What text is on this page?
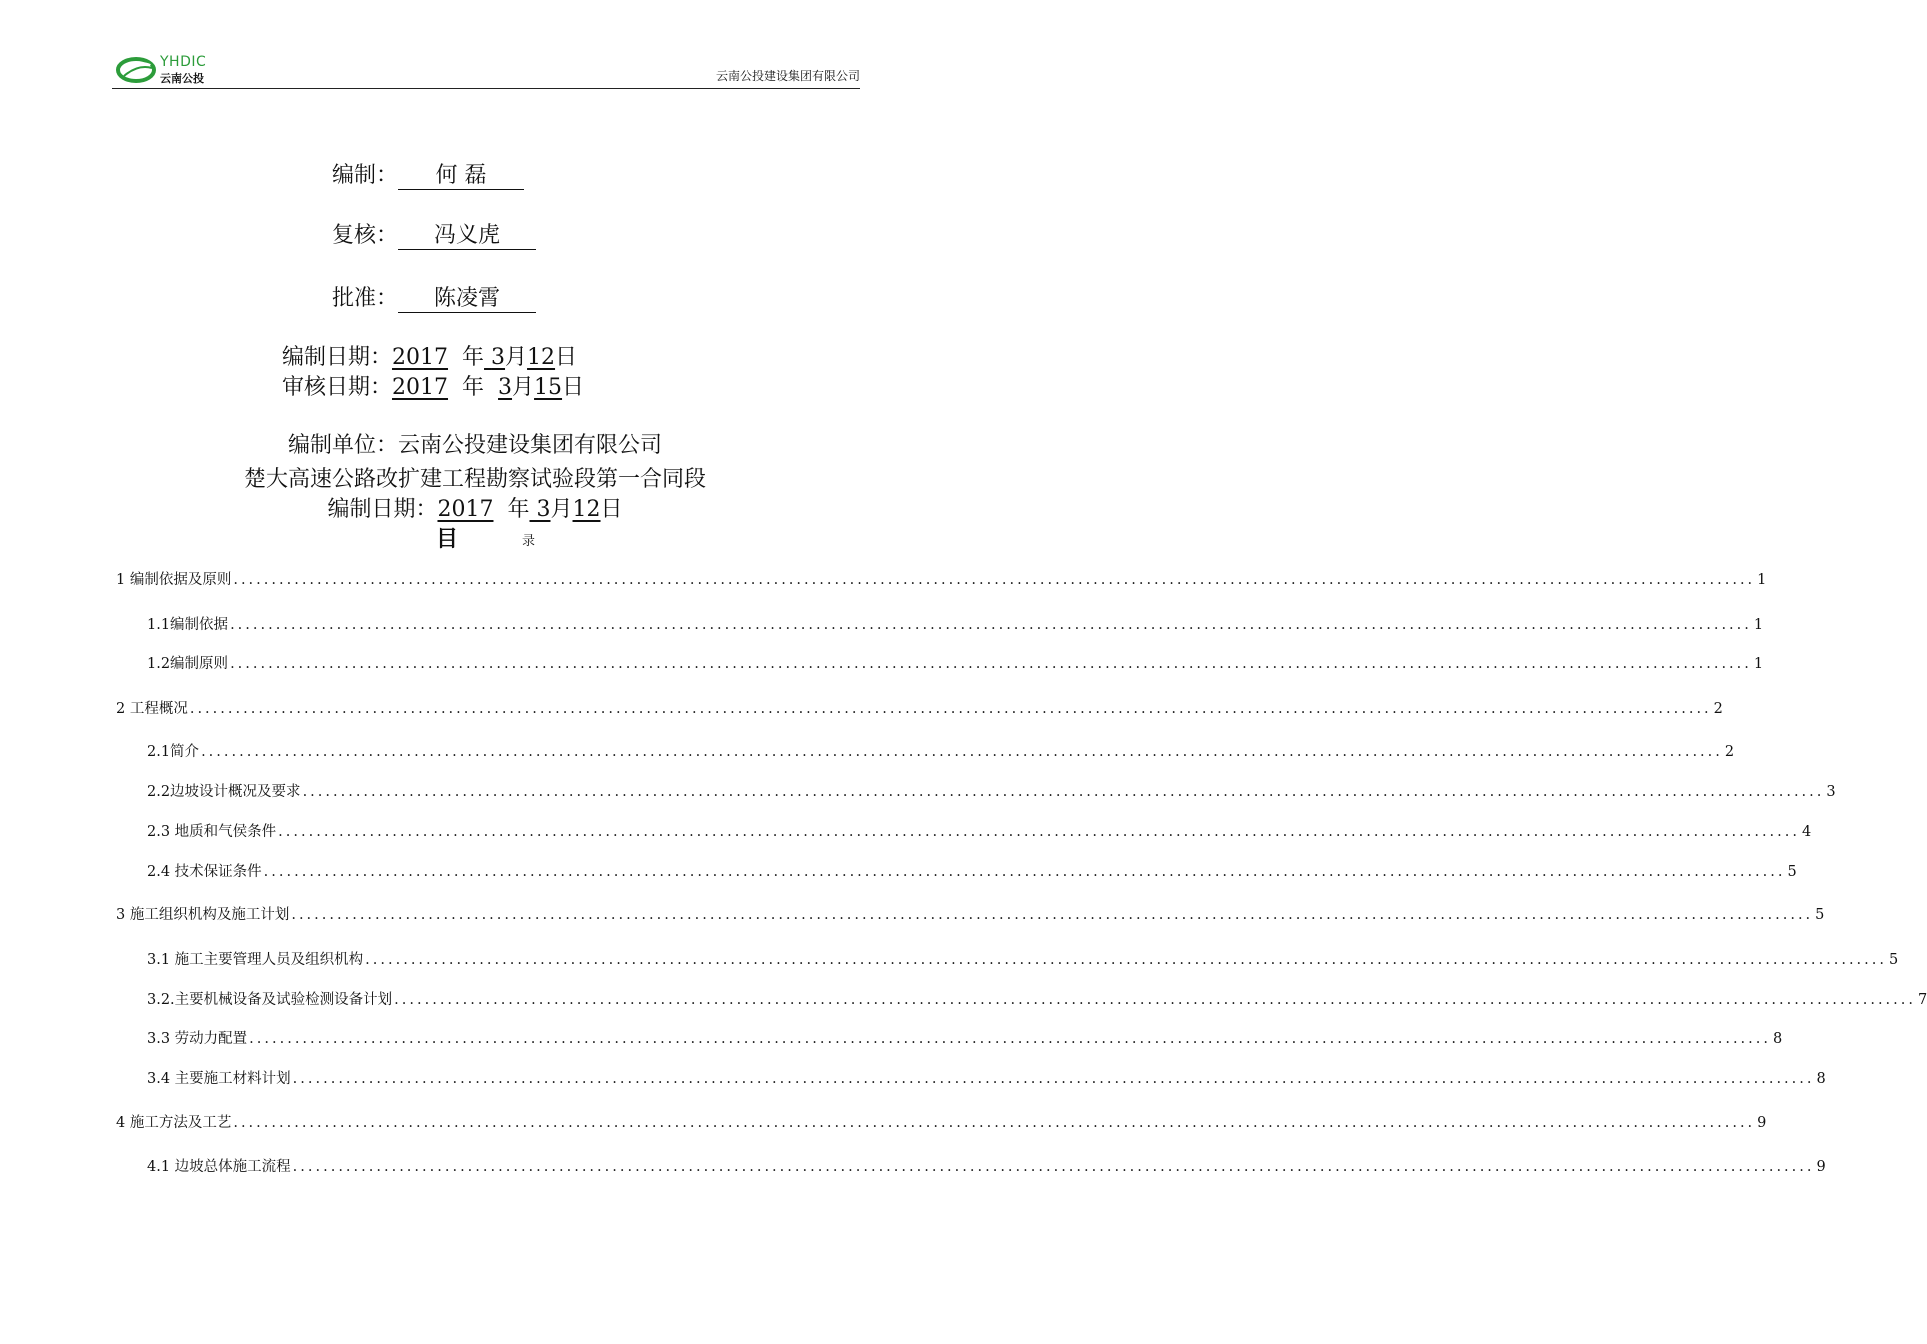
YHDIC
云南公投	云南公投建设集团有限公司
编制： 何 磊
复核： 冯义虎
批准： 陈凌霄
编制日期：2017 年 3月12日
审核日期：2017 年 3月15日
编制单位：云南公投建设集团有限公司
楚大高速公路改扩建工程勘察试验段第一合同段
编制日期：2017 年 3月12日
目	录
1 编制依据及原则 ........................................................................................................................................................................................................ 1
1.1编制依据 ........................................................................................................................................................................................................ 1
1.2编制原则 ........................................................................................................................................................................................................ 1
2 工程概况 ........................................................................................................................................................................................................ 2
2.1简介 ........................................................................................................................................................................................................ 2
2.2边坡设计概况及要求 ........................................................................................................................................................................................................ 3
2.3 地质和气侯条件 ........................................................................................................................................................................................................ 4
2.4 技术保证条件 ........................................................................................................................................................................................................ 5
3 施工组织机构及施工计划 ........................................................................................................................................................................................................ 5
3.1 施工主要管理人员及组织机构 ........................................................................................................................................................................................................ 5
3.2.主要机械设备及试验检测设备计划 ........................................................................................................................................................................................................ 7
3.3 劳动力配置 ........................................................................................................................................................................................................ 8
3.4 主要施工材料计划 ........................................................................................................................................................................................................ 8
4 施工方法及工艺 ........................................................................................................................................................................................................ 9
4.1 边坡总体施工流程 ........................................................................................................................................................................................................ 9
